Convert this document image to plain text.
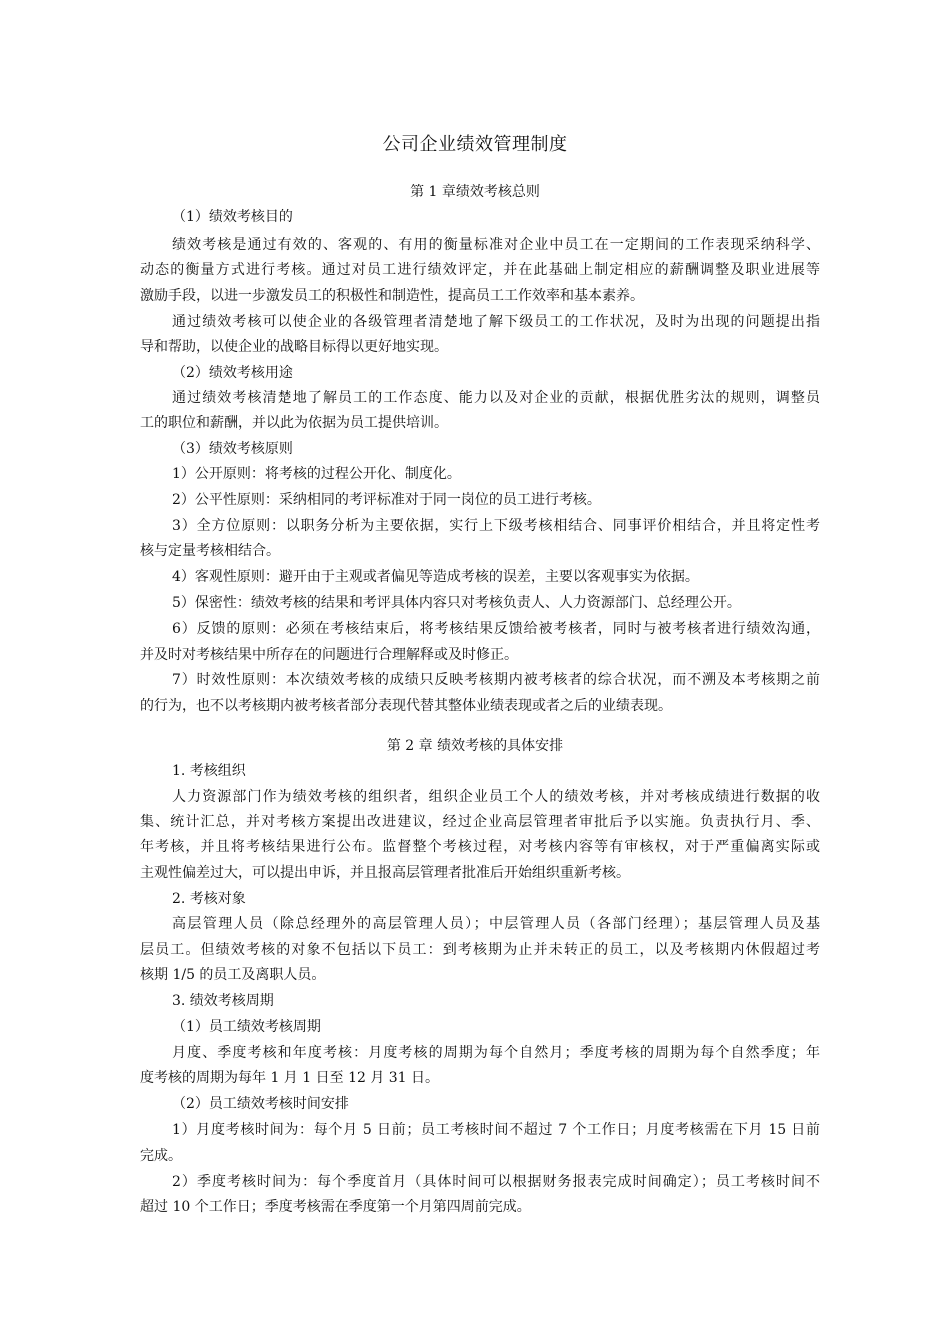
公司企业绩效管理制度
第 1 章绩效考核总则
（1）绩效考核目的
绩效考核是通过有效的、客观的、有用的衡量标准对企业中员工在一定期间的工作表现采纳科学、
动态的衡量方式进行考核。通过对员工进行绩效评定，并在此基础上制定相应的薪酬调整及职业进展等
激励手段，以进一步激发员工的积极性和制造性，提高员工工作效率和基本素养。
通过绩效考核可以使企业的各级管理者清楚地了解下级员工的工作状况，及时为出现的问题提出指
导和帮助，以使企业的战略目标得以更好地实现。
（2）绩效考核用途
通过绩效考核清楚地了解员工的工作态度、能力以及对企业的贡献，根据优胜劣汰的规则，调整员
工的职位和薪酬，并以此为依据为员工提供培训。
（3）绩效考核原则
1）公开原则：将考核的过程公开化、制度化。
2）公平性原则：采纳相同的考评标准对于同一岗位的员工进行考核。
3）全方位原则：以职务分析为主要依据，实行上下级考核相结合、同事评价相结合，并且将定性考
核与定量考核相结合。
4）客观性原则：避开由于主观或者偏见等造成考核的误差，主要以客观事实为依据。
5）保密性：绩效考核的结果和考评具体内容只对考核负责人、人力资源部门、总经理公开。
6）反馈的原则：必须在考核结束后，将考核结果反馈给被考核者，同时与被考核者进行绩效沟通，
并及时对考核结果中所存在的问题进行合理解释或及时修正。
7）时效性原则：本次绩效考核的成绩只反映考核期内被考核者的综合状况，而不溯及本考核期之前
的行为，也不以考核期内被考核者部分表现代替其整体业绩表现或者之后的业绩表现。
第 2 章 绩效考核的具体安排
1. 考核组织
人力资源部门作为绩效考核的组织者，组织企业员工个人的绩效考核，并对考核成绩进行数据的收
集、统计汇总，并对考核方案提出改进建议，经过企业高层管理者审批后予以实施。负责执行月、季、
年考核，并且将考核结果进行公布。监督整个考核过程，对考核内容等有审核权，对于严重偏离实际或
主观性偏差过大，可以提出申诉，并且报高层管理者批准后开始组织重新考核。
2. 考核对象
高层管理人员（除总经理外的高层管理人员）；中层管理人员（各部门经理）；基层管理人员及基
层员工。但绩效考核的对象不包括以下员工：到考核期为止并未转正的员工，以及考核期内休假超过考
核期 1/5 的员工及离职人员。
3. 绩效考核周期
（1）员工绩效考核周期
月度、季度考核和年度考核：月度考核的周期为每个自然月；季度考核的周期为每个自然季度；年
度考核的周期为每年 1 月 1 日至 12 月 31 日。
（2）员工绩效考核时间安排
1）月度考核时间为：每个月 5 日前；员工考核时间不超过 7 个工作日；月度考核需在下月 15 日前
完成。
2）季度考核时间为：每个季度首月（具体时间可以根据财务报表完成时间确定）；员工考核时间不
超过 10 个工作日；季度考核需在季度第一个月第四周前完成。
